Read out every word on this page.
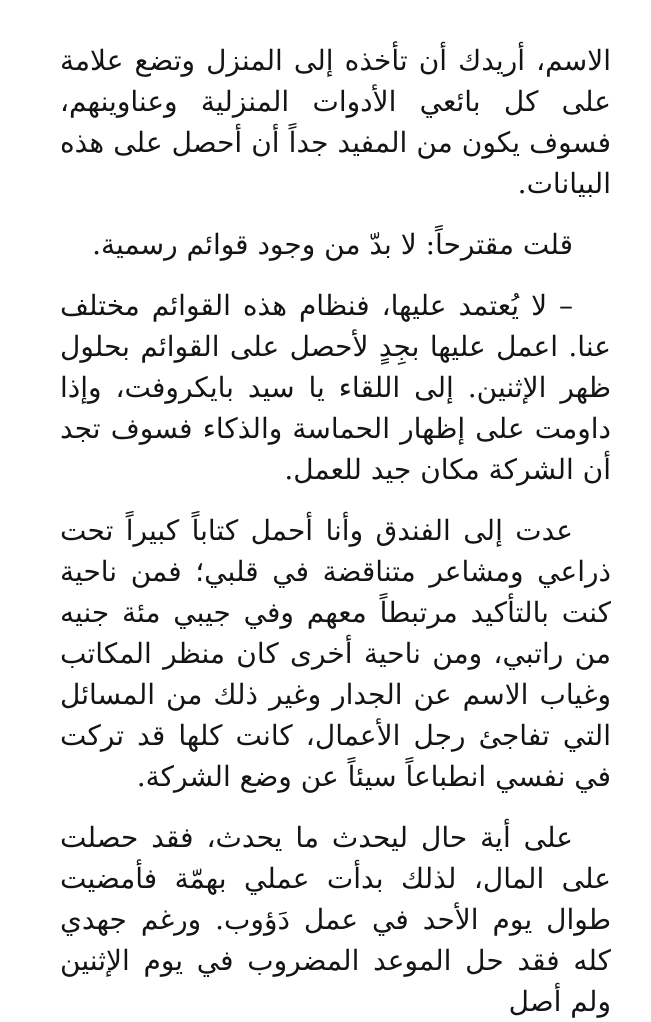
الاسم، أريدك أن تأخذه إلى المنزل وتضع علامة على كل بائعي الأدوات المنزلية وعناوينهم، فسوف يكون من المفيد جداً أن أحصل على هذه البيانات.

قلت مقترحاً: لا بدّ من وجود قوائم رسمية.

– لا يُعتمد عليها، فنظام هذه القوائم مختلف عنا. اعمل عليها بجِدٍ لأحصل على القوائم بحلول ظهر الإثنين. إلى اللقاء يا سيد بايكروفت، وإذا داومت على إظهار الحماسة والذكاء فسوف تجد أن الشركة مكان جيد للعمل.

عدت إلى الفندق وأنا أحمل كتاباً كبيراً تحت ذراعي ومشاعر متناقضة في قلبي؛ فمن ناحية كنت بالتأكيد مرتبطاً معهم وفي جيبي مئة جنيه من راتبي، ومن ناحية أخرى كان منظر المكاتب وغياب الاسم عن الجدار وغير ذلك من المسائل التي تفاجئ رجل الأعمال، كانت كلها قد تركت في نفسي انطباعاً سيئاً عن وضع الشركة.

على أية حال ليحدث ما يحدث، فقد حصلت على المال، لذلك بدأت عملي بهمّة فأمضيت طوال يوم الأحد في عمل دَؤوب. ورغم جهدي كله فقد حل الموعد المضروب في يوم الإثنين ولم أصل
